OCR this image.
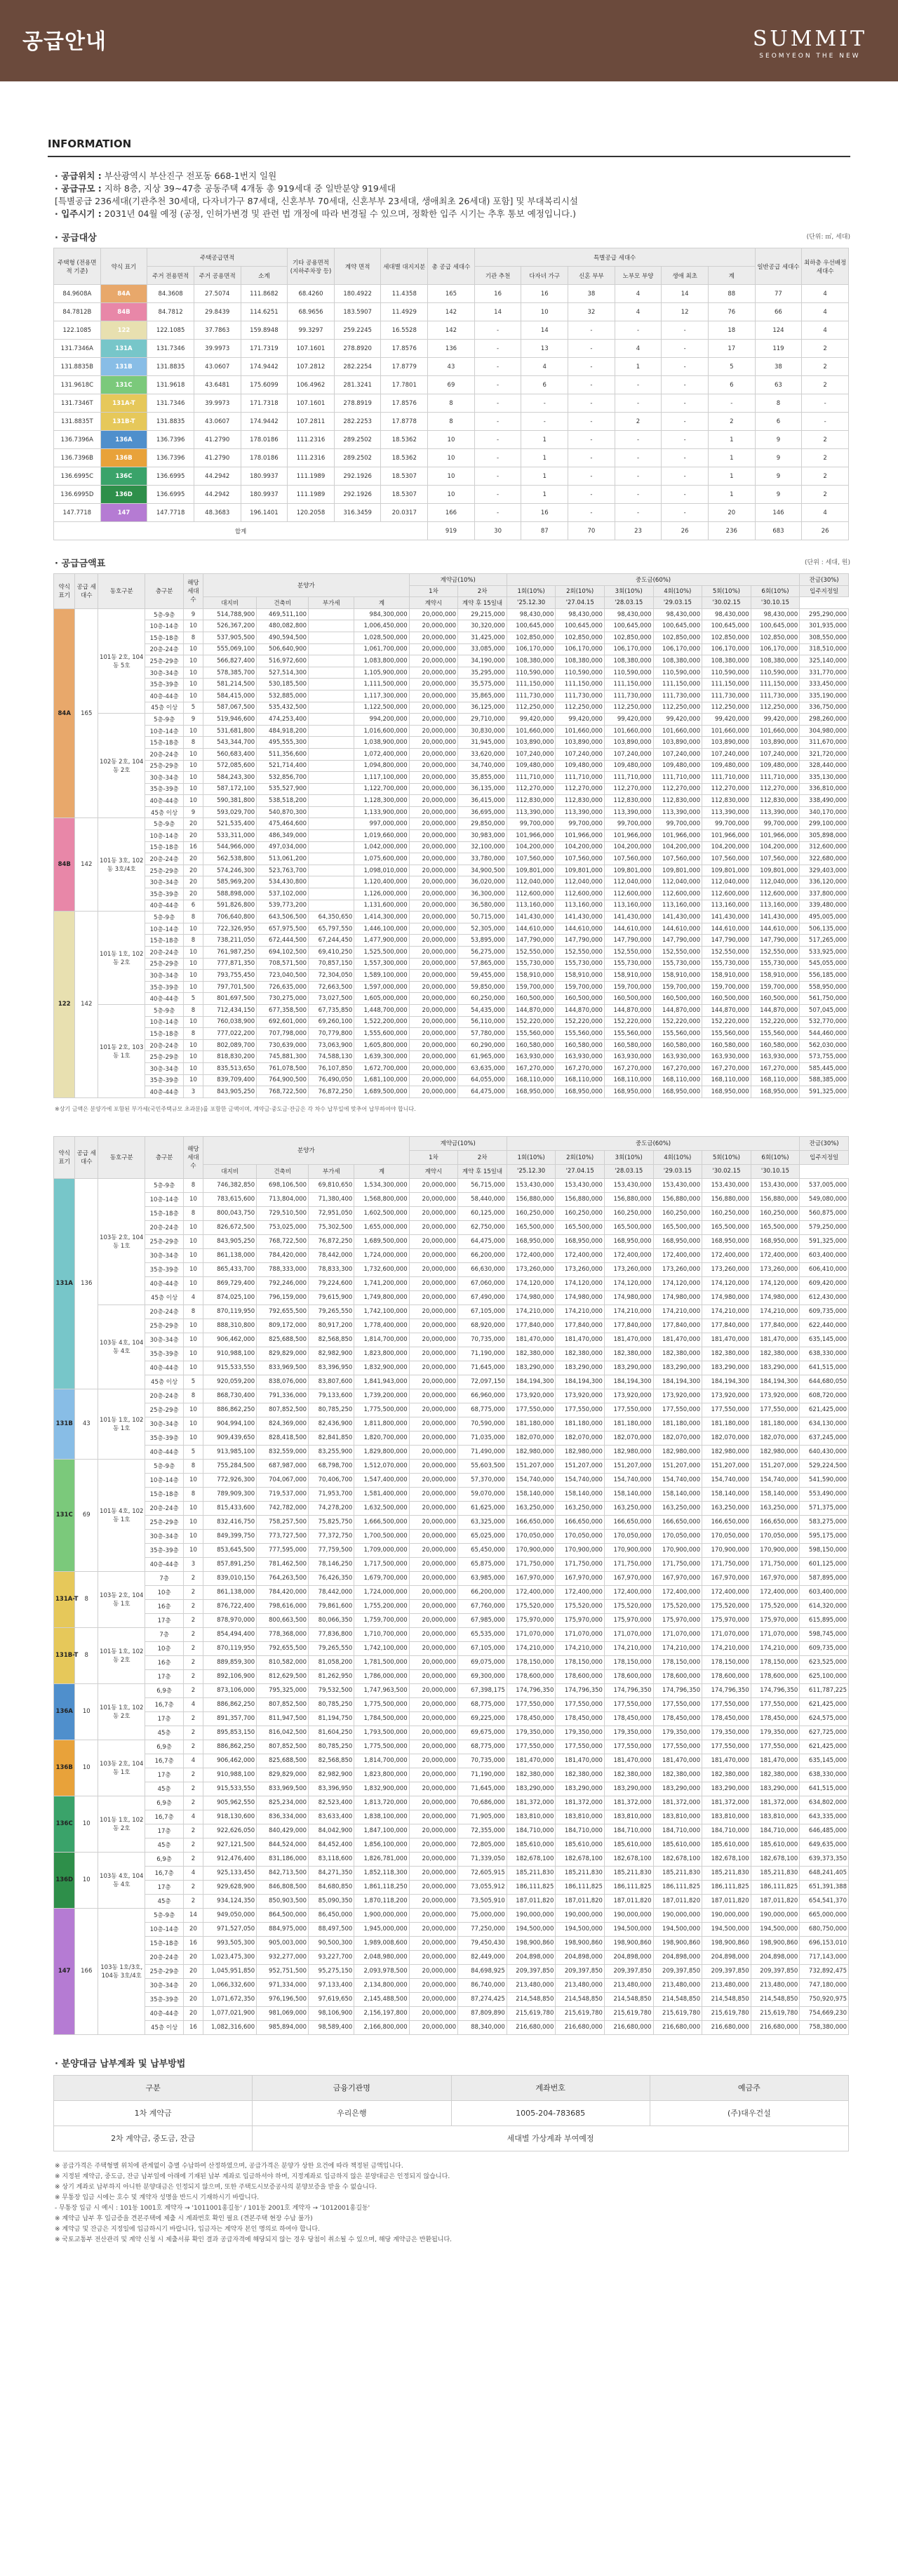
공급안내	SUMMIT
SEOMYEON THE NEW
INFORMATION
· 공급위치 : 부산광역시 부산진구 전포동 668-1번지 일원
· 공급규모 : 지하 8층, 지상 39~47층 공동주택 4개동 총 919세대 중 일반분양 919세대
[특별공급 236세대(기관추천 30세대, 다자녀가구 87세대, 신혼부부 70세대, 신혼부부 23세대, 생애최초 26세대) 포함] 및 부대복리시설
· 입주시기 : 2031년 04월 예정 (공정, 인허가변경 및 관련 법 개정에 따라 변경될 수 있으며, 정확한 입주 시기는 추후 통보 예정입니다.)
· 공급대상	(단위: ㎡, 세대)
주택형 (전용면적 기준)	약식 표기	주택공급면적			기타 공용면적 (지하주차장 등)	계약 면적	세대별 대지지분	총 공급 세대수	특별공급 세대수						일반공급 세대수	최하층 우선배정 세대수
		주거 전용면적	주거 공용면적	소계					기관 추천	다자녀 가구	신혼 부부	노부모 부양	생애 최초	계		
84.9608A	84A	84.3608	27.5074	111.8682	68.4260	180.4922	11.4358	165	16	16	38	4	14	88	77	4
84.7812B	84B	84.7812	29.8439	114.6251	68.9656	183.5907	11.4929	142	14	10	32	4	12	76	66	4
122.1085	122	122.1085	37.7863	159.8948	99.3297	259.2245	16.5528	142	-	14	-	-	-	18	124	4
131.7346A	131A	131.7346	39.9973	171.7319	107.1601	278.8920	17.8576	136	-	13	-	4	-	17	119	2
131.8835B	131B	131.8835	43.0607	174.9442	107.2812	282.2254	17.8779	43	-	4	-	1	-	5	38	2
131.9618C	131C	131.9618	43.6481	175.6099	106.4962	281.3241	17.7801	69	-	6	-	-	-	6	63	2
131.7346T	131A-T	131.7346	39.9973	171.7318	107.1601	278.8919	17.8576	8	-	-	-	-	-	-	8	-
131.8835T	131B-T	131.8835	43.0607	174.9442	107.2811	282.2253	17.8778	8	-	-	-	2	-	2	6	-
136.7396A	136A	136.7396	41.2790	178.0186	111.2316	289.2502	18.5362	10	-	1	-	-	-	1	9	2
136.7396B	136B	136.7396	41.2790	178.0186	111.2316	289.2502	18.5362	10	-	1	-	-	-	1	9	2
136.6995C	136C	136.6995	44.2942	180.9937	111.1989	292.1926	18.5307	10	-	1	-	-	-	1	9	2
136.6995D	136D	136.6995	44.2942	180.9937	111.1989	292.1926	18.5307	10	-	1	-	-	-	1	9	2
147.7718	147	147.7718	48.3683	196.1401	120.2058	316.3459	20.0317	166	-	16	-	-	-	20	146	4
합계								919	30	87	70	23	26	236	683	26
· 공급금액표	(단위 : 세대, 원)
약식 표기	공급 세대수	동호구분	층구분	해당 세대수	분양가				계약금(10%)		중도금(60%)						잔금(30%)
									1차	2차	1회(10%)	2회(10%)	3회(10%)	4회(10%)	5회(10%)	6회(10%)	입주지정일
					대지비	건축비	부가세	계	계약시	계약 후 15일내	'25.12.30	'27.04.15	'28.03.15	'29.03.15	'30.02.15	'30.10.15	
84A	165	101동 2호, 104동 5호	5층-9층	9	514,788,900	469,511,100		984,300,000	20,000,000	29,215,000	98,430,000	98,430,000	98,430,000	98,430,000	98,430,000	98,430,000	295,290,000
			10층-14층	10	526,367,200	480,082,800		1,006,450,000	20,000,000	30,320,000	100,645,000	100,645,000	100,645,000	100,645,000	100,645,000	100,645,000	301,935,000
			15층-18층	8	537,905,500	490,594,500		1,028,500,000	20,000,000	31,425,000	102,850,000	102,850,000	102,850,000	102,850,000	102,850,000	102,850,000	308,550,000
			20층-24층	10	555,069,100	506,640,900		1,061,700,000	20,000,000	33,085,000	106,170,000	106,170,000	106,170,000	106,170,000	106,170,000	106,170,000	318,510,000
			25층-29층	10	566,827,400	516,972,600		1,083,800,000	20,000,000	34,190,000	108,380,000	108,380,000	108,380,000	108,380,000	108,380,000	108,380,000	325,140,000
			30층-34층	10	578,385,700	527,514,300		1,105,900,000	20,000,000	35,295,000	110,590,000	110,590,000	110,590,000	110,590,000	110,590,000	110,590,000	331,770,000
			35층-39층	10	581,214,500	530,185,500		1,111,500,000	20,000,000	35,575,000	111,150,000	111,150,000	111,150,000	111,150,000	111,150,000	111,150,000	333,450,000
			40층-44층	10	584,415,000	532,885,000		1,117,300,000	20,000,000	35,865,000	111,730,000	111,730,000	111,730,000	111,730,000	111,730,000	111,730,000	335,190,000
			45층 이상	5	587,067,500	535,432,500		1,122,500,000	20,000,000	36,125,000	112,250,000	112,250,000	112,250,000	112,250,000	112,250,000	112,250,000	336,750,000
		102동 2호, 104동 2호	5층-9층	9	519,946,600	474,253,400		994,200,000	20,000,000	29,710,000	99,420,000	99,420,000	99,420,000	99,420,000	99,420,000	99,420,000	298,260,000
			10층-14층	10	531,681,800	484,918,200		1,016,600,000	20,000,000	30,830,000	101,660,000	101,660,000	101,660,000	101,660,000	101,660,000	101,660,000	304,980,000
			15층-18층	8	543,344,700	495,555,300		1,038,900,000	20,000,000	31,945,000	103,890,000	103,890,000	103,890,000	103,890,000	103,890,000	103,890,000	311,670,000
			20층-24층	10	560,683,400	511,356,600		1,072,400,000	20,000,000	33,620,000	107,240,000	107,240,000	107,240,000	107,240,000	107,240,000	107,240,000	321,720,000
			25층-29층	10	572,085,600	521,714,400		1,094,800,000	20,000,000	34,740,000	109,480,000	109,480,000	109,480,000	109,480,000	109,480,000	109,480,000	328,440,000
			30층-34층	10	584,243,300	532,856,700		1,117,100,000	20,000,000	35,855,000	111,710,000	111,710,000	111,710,000	111,710,000	111,710,000	111,710,000	335,130,000
			35층-39층	10	587,172,100	535,527,900		1,122,700,000	20,000,000	36,135,000	112,270,000	112,270,000	112,270,000	112,270,000	112,270,000	112,270,000	336,810,000
			40층-44층	10	590,381,800	538,518,200		1,128,300,000	20,000,000	36,415,000	112,830,000	112,830,000	112,830,000	112,830,000	112,830,000	112,830,000	338,490,000
			45층 이상	9	593,029,700	540,870,300		1,133,900,000	20,000,000	36,695,000	113,390,000	113,390,000	113,390,000	113,390,000	113,390,000	113,390,000	340,170,000
84B	142	101동 3호, 102동 3호/4호	5층-9층	20	521,535,400	475,464,600		997,000,000	20,000,000	29,850,000	99,700,000	99,700,000	99,700,000	99,700,000	99,700,000	99,700,000	299,100,000
			10층-14층	20	533,311,000	486,349,000		1,019,660,000	20,000,000	30,983,000	101,966,000	101,966,000	101,966,000	101,966,000	101,966,000	101,966,000	305,898,000
			15층-18층	16	544,966,000	497,034,000		1,042,000,000	20,000,000	32,100,000	104,200,000	104,200,000	104,200,000	104,200,000	104,200,000	104,200,000	312,600,000
			20층-24층	20	562,538,800	513,061,200		1,075,600,000	20,000,000	33,780,000	107,560,000	107,560,000	107,560,000	107,560,000	107,560,000	107,560,000	322,680,000
			25층-29층	20	574,246,300	523,763,700		1,098,010,000	20,000,000	34,900,500	109,801,000	109,801,000	109,801,000	109,801,000	109,801,000	109,801,000	329,403,000
			30층-34층	20	585,969,200	534,430,800		1,120,400,000	20,000,000	36,020,000	112,040,000	112,040,000	112,040,000	112,040,000	112,040,000	112,040,000	336,120,000
			35층-39층	20	588,898,000	537,102,000		1,126,000,000	20,000,000	36,300,000	112,600,000	112,600,000	112,600,000	112,600,000	112,600,000	112,600,000	337,800,000
			40층-44층	6	591,826,800	539,773,200		1,131,600,000	20,000,000	36,580,000	113,160,000	113,160,000	113,160,000	113,160,000	113,160,000	113,160,000	339,480,000
122	142	101동 1호, 102동 2호	5층-9층	8	706,640,800	643,506,500	64,350,650	1,414,300,000	20,000,000	50,715,000	141,430,000	141,430,000	141,430,000	141,430,000	141,430,000	141,430,000	495,005,000
			10층-14층	10	722,326,950	657,975,500	65,797,550	1,446,100,000	20,000,000	52,305,000	144,610,000	144,610,000	144,610,000	144,610,000	144,610,000	144,610,000	506,135,000
			15층-18층	8	738,211,050	672,444,500	67,244,450	1,477,900,000	20,000,000	53,895,000	147,790,000	147,790,000	147,790,000	147,790,000	147,790,000	147,790,000	517,265,000
			20층-24층	10	761,987,250	694,102,500	69,410,250	1,525,500,000	20,000,000	56,275,000	152,550,000	152,550,000	152,550,000	152,550,000	152,550,000	152,550,000	533,925,000
			25층-29층	10	777,871,350	708,571,500	70,857,150	1,557,300,000	20,000,000	57,865,000	155,730,000	155,730,000	155,730,000	155,730,000	155,730,000	155,730,000	545,055,000
			30층-34층	10	793,755,450	723,040,500	72,304,050	1,589,100,000	20,000,000	59,455,000	158,910,000	158,910,000	158,910,000	158,910,000	158,910,000	158,910,000	556,185,000
			35층-39층	10	797,701,500	726,635,000	72,663,500	1,597,000,000	20,000,000	59,850,000	159,700,000	159,700,000	159,700,000	159,700,000	159,700,000	159,700,000	558,950,000
			40층-44층	5	801,697,500	730,275,000	73,027,500	1,605,000,000	20,000,000	60,250,000	160,500,000	160,500,000	160,500,000	160,500,000	160,500,000	160,500,000	561,750,000
		101동 2호, 103동 1호	5층-9층	8	712,434,150	677,358,500	67,735,850	1,448,700,000	20,000,000	54,435,000	144,870,000	144,870,000	144,870,000	144,870,000	144,870,000	144,870,000	507,045,000
			10층-14층	10	760,038,900	692,601,000	69,260,100	1,522,200,000	20,000,000	56,110,000	152,220,000	152,220,000	152,220,000	152,220,000	152,220,000	152,220,000	532,770,000
			15층-18층	8	777,022,200	707,798,000	70,779,800	1,555,600,000	20,000,000	57,780,000	155,560,000	155,560,000	155,560,000	155,560,000	155,560,000	155,560,000	544,460,000
			20층-24층	10	802,089,700	730,639,000	73,063,900	1,605,800,000	20,000,000	60,290,000	160,580,000	160,580,000	160,580,000	160,580,000	160,580,000	160,580,000	562,030,000
			25층-29층	10	818,830,200	745,881,300	74,588,130	1,639,300,000	20,000,000	61,965,000	163,930,000	163,930,000	163,930,000	163,930,000	163,930,000	163,930,000	573,755,000
			30층-34층	10	835,513,650	761,078,500	76,107,850	1,672,700,000	20,000,000	63,635,000	167,270,000	167,270,000	167,270,000	167,270,000	167,270,000	167,270,000	585,445,000
			35층-39층	10	839,709,400	764,900,500	76,490,050	1,681,100,000	20,000,000	64,055,000	168,110,000	168,110,000	168,110,000	168,110,000	168,110,000	168,110,000	588,385,000
			40층-44층	3	843,905,250	768,722,500	76,872,250	1,689,500,000	20,000,000	64,475,000	168,950,000	168,950,000	168,950,000	168,950,000	168,950,000	168,950,000	591,325,000
※상기 금액은 분양가에 포함된 부가세(국민주택규모 초과분)를 포함한 금액이며, 계약금·중도금·잔금은 각 차수 납부일에 맞추어 납부하여야 합니다.
약식 표기	공급 세대수	동호구분	층구분	해당 세대수	분양가				계약금(10%)		중도금(60%)						잔금(30%)
									1차	2차	1회(10%)	2회(10%)	3회(10%)	4회(10%)	5회(10%)	6회(10%)	입주지정일
					대지비	건축비	부가세	계	계약시	계약 후 15일내	'25.12.30	'27.04.15	'28.03.15	'29.03.15	'30.02.15	'30.10.15	
131A	136	103동 2호, 104동 1호	5층-9층	8	746,382,850	698,106,500	69,810,650	1,534,300,000	20,000,000	56,715,000	153,430,000	153,430,000	153,430,000	153,430,000	153,430,000	153,430,000	537,005,000
			10층-14층	10	783,615,600	713,804,000	71,380,400	1,568,800,000	20,000,000	58,440,000	156,880,000	156,880,000	156,880,000	156,880,000	156,880,000	156,880,000	549,080,000
			15층-18층	8	800,043,750	729,510,500	72,951,050	1,602,500,000	20,000,000	60,125,000	160,250,000	160,250,000	160,250,000	160,250,000	160,250,000	160,250,000	560,875,000
			20층-24층	10	826,672,500	753,025,000	75,302,500	1,655,000,000	20,000,000	62,750,000	165,500,000	165,500,000	165,500,000	165,500,000	165,500,000	165,500,000	579,250,000
			25층-29층	10	843,905,250	768,722,500	76,872,250	1,689,500,000	20,000,000	64,475,000	168,950,000	168,950,000	168,950,000	168,950,000	168,950,000	168,950,000	591,325,000
			30층-34층	10	861,138,000	784,420,000	78,442,000	1,724,000,000	20,000,000	66,200,000	172,400,000	172,400,000	172,400,000	172,400,000	172,400,000	172,400,000	603,400,000
			35층-39층	10	865,433,700	788,333,000	78,833,300	1,732,600,000	20,000,000	66,630,000	173,260,000	173,260,000	173,260,000	173,260,000	173,260,000	173,260,000	606,410,000
			40층-44층	10	869,729,400	792,246,000	79,224,600	1,741,200,000	20,000,000	67,060,000	174,120,000	174,120,000	174,120,000	174,120,000	174,120,000	174,120,000	609,420,000
			45층 이상	4	874,025,100	796,159,000	79,615,900	1,749,800,000	20,000,000	67,490,000	174,980,000	174,980,000	174,980,000	174,980,000	174,980,000	174,980,000	612,430,000
		103동 4호, 104동 4호	20층-24층	8	870,119,950	792,655,500	79,265,550	1,742,100,000	20,000,000	67,105,000	174,210,000	174,210,000	174,210,000	174,210,000	174,210,000	174,210,000	609,735,000
			25층-29층	10	888,310,800	809,172,000	80,917,200	1,778,400,000	20,000,000	68,920,000	177,840,000	177,840,000	177,840,000	177,840,000	177,840,000	177,840,000	622,440,000
			30층-34층	10	906,462,000	825,688,500	82,568,850	1,814,700,000	20,000,000	70,735,000	181,470,000	181,470,000	181,470,000	181,470,000	181,470,000	181,470,000	635,145,000
			35층-39층	10	910,988,100	829,829,000	82,982,900	1,823,800,000	20,000,000	71,190,000	182,380,000	182,380,000	182,380,000	182,380,000	182,380,000	182,380,000	638,330,000
			40층-44층	10	915,533,550	833,969,500	83,396,950	1,832,900,000	20,000,000	71,645,000	183,290,000	183,290,000	183,290,000	183,290,000	183,290,000	183,290,000	641,515,000
			45층 이상	5	920,059,200	838,076,000	83,807,600	1,841,943,000	20,000,000	72,097,150	184,194,300	184,194,300	184,194,300	184,194,300	184,194,300	184,194,300	644,680,050
131B	43	101동 1호, 102동 1호	20층-24층	8	868,730,400	791,336,000	79,133,600	1,739,200,000	20,000,000	66,960,000	173,920,000	173,920,000	173,920,000	173,920,000	173,920,000	173,920,000	608,720,000
			25층-29층	10	886,862,250	807,852,500	80,785,250	1,775,500,000	20,000,000	68,775,000	177,550,000	177,550,000	177,550,000	177,550,000	177,550,000	177,550,000	621,425,000
			30층-34층	10	904,994,100	824,369,000	82,436,900	1,811,800,000	20,000,000	70,590,000	181,180,000	181,180,000	181,180,000	181,180,000	181,180,000	181,180,000	634,130,000
			35층-39층	10	909,439,650	828,418,500	82,841,850	1,820,700,000	20,000,000	71,035,000	182,070,000	182,070,000	182,070,000	182,070,000	182,070,000	182,070,000	637,245,000
			40층-44층	5	913,985,100	832,559,000	83,255,900	1,829,800,000	20,000,000	71,490,000	182,980,000	182,980,000	182,980,000	182,980,000	182,980,000	182,980,000	640,430,000
131C	69	101동 4호, 102동 1호	5층-9층	8	755,284,500	687,987,000	68,798,700	1,512,070,000	20,000,000	55,603,500	151,207,000	151,207,000	151,207,000	151,207,000	151,207,000	151,207,000	529,224,500
			10층-14층	10	772,926,300	704,067,000	70,406,700	1,547,400,000	20,000,000	57,370,000	154,740,000	154,740,000	154,740,000	154,740,000	154,740,000	154,740,000	541,590,000
			15층-18층	8	789,909,300	719,537,000	71,953,700	1,581,400,000	20,000,000	59,070,000	158,140,000	158,140,000	158,140,000	158,140,000	158,140,000	158,140,000	553,490,000
			20층-24층	10	815,433,600	742,782,000	74,278,200	1,632,500,000	20,000,000	61,625,000	163,250,000	163,250,000	163,250,000	163,250,000	163,250,000	163,250,000	571,375,000
			25층-29층	10	832,416,750	758,257,500	75,825,750	1,666,500,000	20,000,000	63,325,000	166,650,000	166,650,000	166,650,000	166,650,000	166,650,000	166,650,000	583,275,000
			30층-34층	10	849,399,750	773,727,500	77,372,750	1,700,500,000	20,000,000	65,025,000	170,050,000	170,050,000	170,050,000	170,050,000	170,050,000	170,050,000	595,175,000
			35층-39층	10	853,645,500	777,595,000	77,759,500	1,709,000,000	20,000,000	65,450,000	170,900,000	170,900,000	170,900,000	170,900,000	170,900,000	170,900,000	598,150,000
			40층-44층	3	857,891,250	781,462,500	78,146,250	1,717,500,000	20,000,000	65,875,000	171,750,000	171,750,000	171,750,000	171,750,000	171,750,000	171,750,000	601,125,000
131A-T	8	103동 2호, 104동 1호	7층	2	839,010,150	764,263,500	76,426,350	1,679,700,000	20,000,000	63,985,000	167,970,000	167,970,000	167,970,000	167,970,000	167,970,000	167,970,000	587,895,000
			10층	2	861,138,000	784,420,000	78,442,000	1,724,000,000	20,000,000	66,200,000	172,400,000	172,400,000	172,400,000	172,400,000	172,400,000	172,400,000	603,400,000
			16층	2	876,722,400	798,616,000	79,861,600	1,755,200,000	20,000,000	67,760,000	175,520,000	175,520,000	175,520,000	175,520,000	175,520,000	175,520,000	614,320,000
			17층	2	878,970,000	800,663,500	80,066,350	1,759,700,000	20,000,000	67,985,000	175,970,000	175,970,000	175,970,000	175,970,000	175,970,000	175,970,000	615,895,000
131B-T	8	101동 1호, 102동 2호	7층	2	854,494,400	778,368,000	77,836,800	1,710,700,000	20,000,000	65,535,000	171,070,000	171,070,000	171,070,000	171,070,000	171,070,000	171,070,000	598,745,000
			10층	2	870,119,950	792,655,500	79,265,550	1,742,100,000	20,000,000	67,105,000	174,210,000	174,210,000	174,210,000	174,210,000	174,210,000	174,210,000	609,735,000
			16층	2	889,859,300	810,582,000	81,058,200	1,781,500,000	20,000,000	69,075,000	178,150,000	178,150,000	178,150,000	178,150,000	178,150,000	178,150,000	623,525,000
			17층	2	892,106,900	812,629,500	81,262,950	1,786,000,000	20,000,000	69,300,000	178,600,000	178,600,000	178,600,000	178,600,000	178,600,000	178,600,000	625,100,000
136A	10	101동 1호, 102동 2호	6,9층	2	873,106,000	795,325,000	79,532,500	1,747,963,500	20,000,000	67,398,175	174,796,350	174,796,350	174,796,350	174,796,350	174,796,350	174,796,350	611,787,225
			16,7층	4	886,862,250	807,852,500	80,785,250	1,775,500,000	20,000,000	68,775,000	177,550,000	177,550,000	177,550,000	177,550,000	177,550,000	177,550,000	621,425,000
			17층	2	891,357,700	811,947,500	81,194,750	1,784,500,000	20,000,000	69,225,000	178,450,000	178,450,000	178,450,000	178,450,000	178,450,000	178,450,000	624,575,000
			45층	2	895,853,150	816,042,500	81,604,250	1,793,500,000	20,000,000	69,675,000	179,350,000	179,350,000	179,350,000	179,350,000	179,350,000	179,350,000	627,725,000
136B	10	103동 2호, 104동 1호	6,9층	2	886,862,250	807,852,500	80,785,250	1,775,500,000	20,000,000	68,775,000	177,550,000	177,550,000	177,550,000	177,550,000	177,550,000	177,550,000	621,425,000
			16,7층	4	906,462,000	825,688,500	82,568,850	1,814,700,000	20,000,000	70,735,000	181,470,000	181,470,000	181,470,000	181,470,000	181,470,000	181,470,000	635,145,000
			17층	2	910,988,100	829,829,000	82,982,900	1,823,800,000	20,000,000	71,190,000	182,380,000	182,380,000	182,380,000	182,380,000	182,380,000	182,380,000	638,330,000
			45층	2	915,533,550	833,969,500	83,396,950	1,832,900,000	20,000,000	71,645,000	183,290,000	183,290,000	183,290,000	183,290,000	183,290,000	183,290,000	641,515,000
136C	10	101동 1호, 102동 2호	6,9층	2	905,962,550	825,234,000	82,523,400	1,813,720,000	20,000,000	70,686,000	181,372,000	181,372,000	181,372,000	181,372,000	181,372,000	181,372,000	634,802,000
			16,7층	4	918,130,600	836,334,000	83,633,400	1,838,100,000	20,000,000	71,905,000	183,810,000	183,810,000	183,810,000	183,810,000	183,810,000	183,810,000	643,335,000
			17층	2	922,626,050	840,429,000	84,042,900	1,847,100,000	20,000,000	72,355,000	184,710,000	184,710,000	184,710,000	184,710,000	184,710,000	184,710,000	646,485,000
			45층	2	927,121,500	844,524,000	84,452,400	1,856,100,000	20,000,000	72,805,000	185,610,000	185,610,000	185,610,000	185,610,000	185,610,000	185,610,000	649,635,000
136D	10	103동 4호, 104동 4호	6,9층	2	912,476,400	831,186,000	83,118,600	1,826,781,000	20,000,000	71,339,050	182,678,100	182,678,100	182,678,100	182,678,100	182,678,100	182,678,100	639,373,350
			16,7층	4	925,133,450	842,713,500	84,271,350	1,852,118,300	20,000,000	72,605,915	185,211,830	185,211,830	185,211,830	185,211,830	185,211,830	185,211,830	648,241,405
			17층	2	929,628,900	846,808,500	84,680,850	1,861,118,250	20,000,000	73,055,912	186,111,825	186,111,825	186,111,825	186,111,825	186,111,825	186,111,825	651,391,388
			45층	2	934,124,350	850,903,500	85,090,350	1,870,118,200	20,000,000	73,505,910	187,011,820	187,011,820	187,011,820	187,011,820	187,011,820	187,011,820	654,541,370
147	166	103동 1호/3호, 104동 3호/4호	5층-9층	14	949,050,000	864,500,000	86,450,000	1,900,000,000	20,000,000	75,000,000	190,000,000	190,000,000	190,000,000	190,000,000	190,000,000	190,000,000	665,000,000
			10층-14층	20	971,527,050	884,975,000	88,497,500	1,945,000,000	20,000,000	77,250,000	194,500,000	194,500,000	194,500,000	194,500,000	194,500,000	194,500,000	680,750,000
			15층-18층	16	993,505,300	905,003,000	90,500,300	1,989,008,600	20,000,000	79,450,430	198,900,860	198,900,860	198,900,860	198,900,860	198,900,860	198,900,860	696,153,010
			20층-24층	20	1,023,475,300	932,277,000	93,227,700	2,048,980,000	20,000,000	82,449,000	204,898,000	204,898,000	204,898,000	204,898,000	204,898,000	204,898,000	717,143,000
			25층-29층	20	1,045,951,850	952,751,500	95,275,150	2,093,978,500	20,000,000	84,698,925	209,397,850	209,397,850	209,397,850	209,397,850	209,397,850	209,397,850	732,892,475
			30층-34층	20	1,066,332,600	971,334,000	97,133,400	2,134,800,000	20,000,000	86,740,000	213,480,000	213,480,000	213,480,000	213,480,000	213,480,000	213,480,000	747,180,000
			35층-39층	20	1,071,672,350	976,196,500	97,619,650	2,145,488,500	20,000,000	87,274,425	214,548,850	214,548,850	214,548,850	214,548,850	214,548,850	214,548,850	750,920,975
			40층-44층	20	1,077,021,900	981,069,000	98,106,900	2,156,197,800	20,000,000	87,809,890	215,619,780	215,619,780	215,619,780	215,619,780	215,619,780	215,619,780	754,669,230
			45층 이상	16	1,082,316,600	985,894,000	98,589,400	2,166,800,000	20,000,000	88,340,000	216,680,000	216,680,000	216,680,000	216,680,000	216,680,000	216,680,000	758,380,000
· 분양대금 납부계좌 및 납부방법
구분	금융기관명	계좌번호	예금주
1차 계약금	우리은행	1005-204-783685	(주)대우건설
2차 계약금, 중도금, 잔금	세대별 가상계좌 부여예정		
※ 공급가격은 주택형별 위치에 관계없이 층별 수납하여 산정하였으며, 공급가격은 분양가 상한 요건에 따라 책정된 금액입니다.
※ 지정된 계약금, 중도금, 잔금 납부일에 아래에 기재된 납부 계좌로 입금하셔야 하며, 지정계좌로 입금하지 않은 분양대금은 인정되지 않습니다.
※ 상기 계좌로 납부하지 아니한 분양대금은 인정되지 않으며, 또한 주택도시보증공사의 분양보증을 받을 수 없습니다.
※ 무통장 입금 시에는 호수 및 계약자 성명을 반드시 기재하시기 바랍니다.
- 무통장 입금 시 예시 : 101동 1001호 계약자 → '1011001홍길동' / 101동 2001호 계약자 → '1012001홍길동'
※ 계약금 납부 후 입금증을 견본주택에 제출 시 계좌번호 확인 필요 (견본주택 현장 수납 불가)
※ 계약금 및 잔금은 지정일에 입금하시기 바랍니다, 입금자는 계약자 본인 명의로 하여야 합니다.
※ 국토교통부 전산관리 및 계약 신청 시 제출서류 확인 결과 공급자격에 해당되지 않는 경우 당첨이 취소될 수 있으며, 해당 계약금은 반환됩니다.
